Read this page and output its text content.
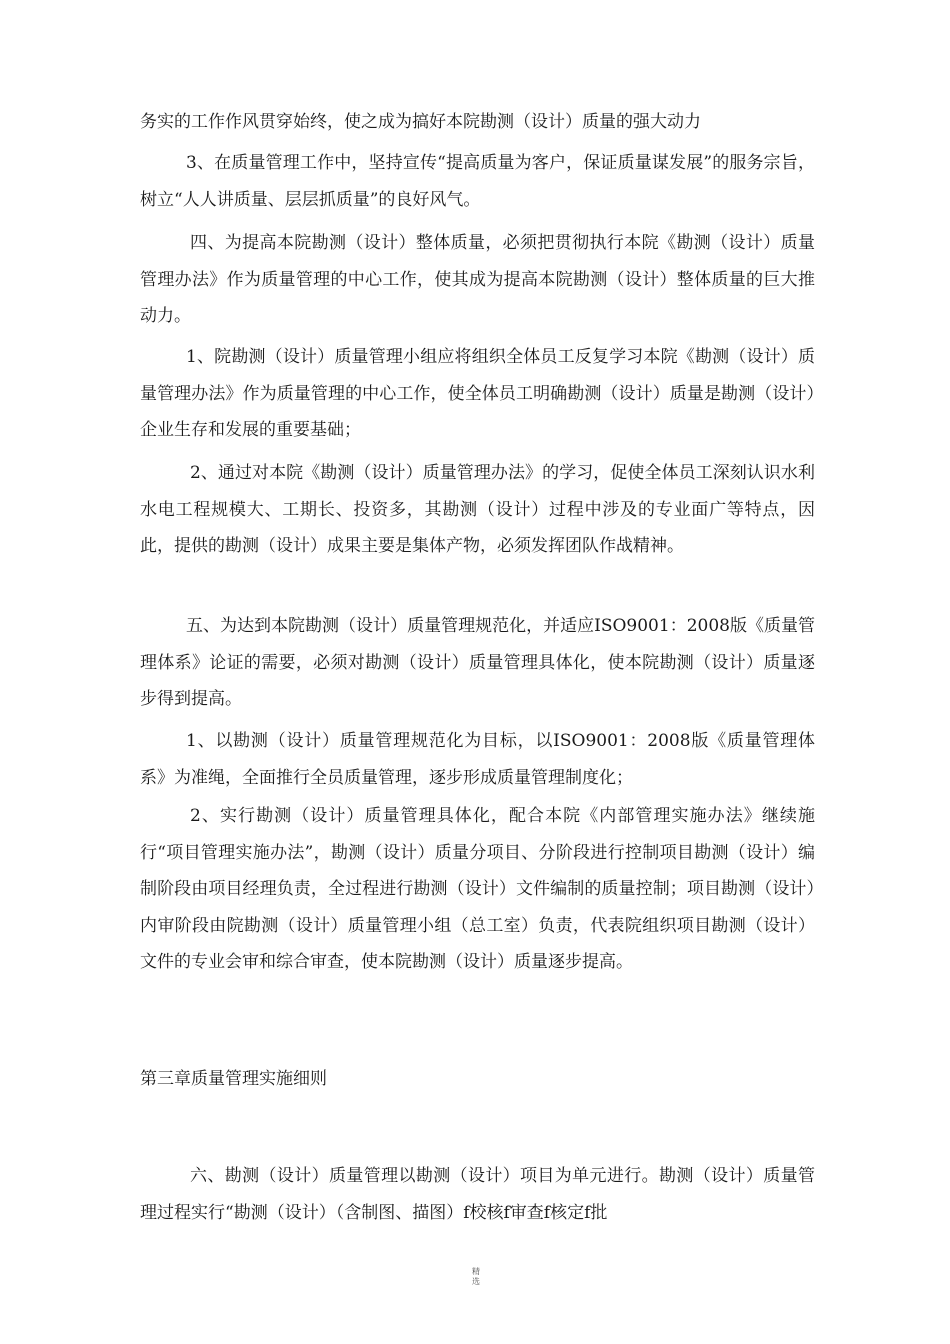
务实的工作作风贯穿始终，使之成为搞好本院勘测（设计）质量的强大动力

3、在质量管理工作中，坚持宣传“提高质量为客户，保证质量谋发展”的服务宗旨，树立“人人讲质量、层层抓质量”的良好风气。

四、为提高本院勘测（设计）整体质量，必须把贯彻执行本院《勘测（设计）质量管理办法》作为质量管理的中心工作，使其成为提高本院勘测（设计）整体质量的巨大推动力。

1、院勘测（设计）质量管理小组应将组织全体员工反复学习本院《勘测（设计）质量管理办法》作为质量管理的中心工作，使全体员工明确勘测（设计）质量是勘测（设计）企业生存和发展的重要基础；

2、通过对本院《勘测（设计）质量管理办法》的学习，促使全体员工深刻认识水利水电工程规模大、工期长、投资多，其勘测（设计）过程中涉及的专业面广等特点，因此，提供的勘测（设计）成果主要是集体产物，必须发挥团队作战精神。

五、为达到本院勘测（设计）质量管理规范化，并适应ISO9001：2008版《质量管理体系》论证的需要，必须对勘测（设计）质量管理具体化，使本院勘测（设计）质量逐步得到提高。

1、以勘测（设计）质量管理规范化为目标，以ISO9001：2008版《质量管理体系》为准绳，全面推行全员质量管理，逐步形成质量管理制度化；

2、实行勘测（设计）质量管理具体化，配合本院《内部管理实施办法》继续施行“项目管理实施办法”，勘测（设计）质量分项目、分阶段进行控制项目勘测（设计）编制阶段由项目经理负责，全过程进行勘测（设计）文件编制的质量控制；项目勘测（设计）内审阶段由院勘测（设计）质量管理小组（总工室）负责，代表院组织项目勘测（设计）文件的专业会审和综合审查，使本院勘测（设计）质量逐步提高。

第三章质量管理实施细则

六、勘测（设计）质量管理以勘测（设计）项目为单元进行。勘测（设计）质量管理过程实行“勘测（设计）（含制图、描图）f校核f审查f核定f批

精
选
